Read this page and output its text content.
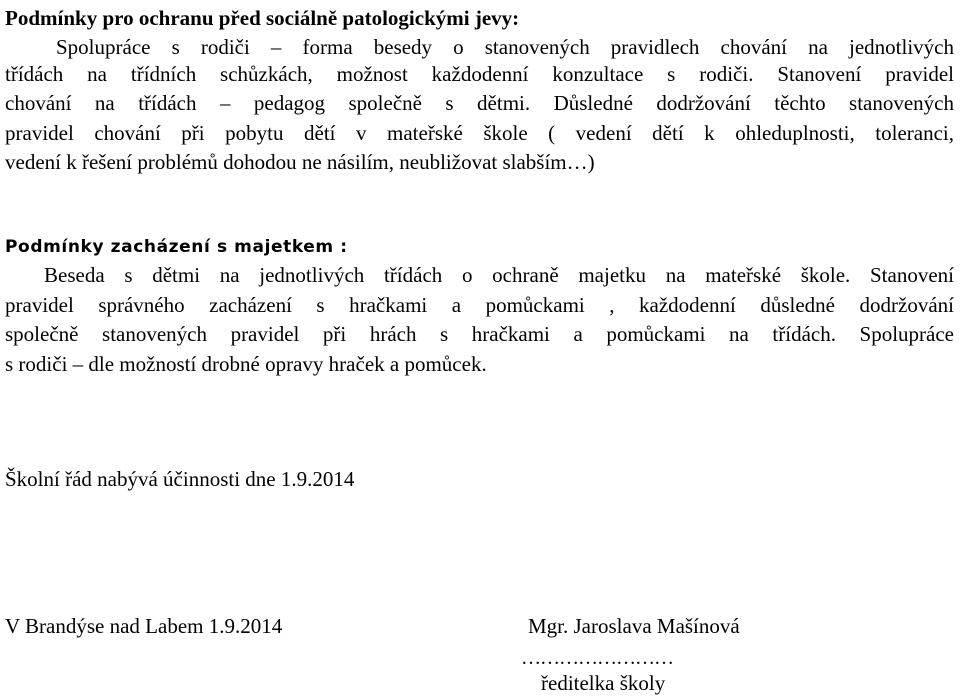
Podmínky pro ochranu před sociálně patologickými jevy:
Spolupráce s rodiči – forma besedy o stanovených pravidlech chování na jednotlivých
třídách na třídních schůzkách, možnost každodenní konzultace s rodiči. Stanovení pravidel
chování na třídách – pedagog společně s dětmi. Důsledné dodržování těchto stanovených
pravidel chování při pobytu dětí v mateřské škole ( vedení dětí k ohleduplnosti, toleranci,
vedení k řešení problémů dohodou ne násilím, neubližovat slabším…)
Podmínky zacházení s majetkem :
Beseda s dětmi na jednotlivých třídách o ochraně majetku na mateřské škole. Stanovení
pravidel správného zacházení s hračkami a pomůckami , každodenní důsledné dodržování
společně stanovených pravidel při hrách s hračkami a pomůckami na třídách. Spolupráce
s rodiči – dle možností drobné opravy hraček a pomůcek.
Školní řád nabývá účinnosti dne 1.9.2014
V Brandýse nad Labem 1.9.2014	Mgr. Jaroslava Mašínová
……………………
ředitelka školy
